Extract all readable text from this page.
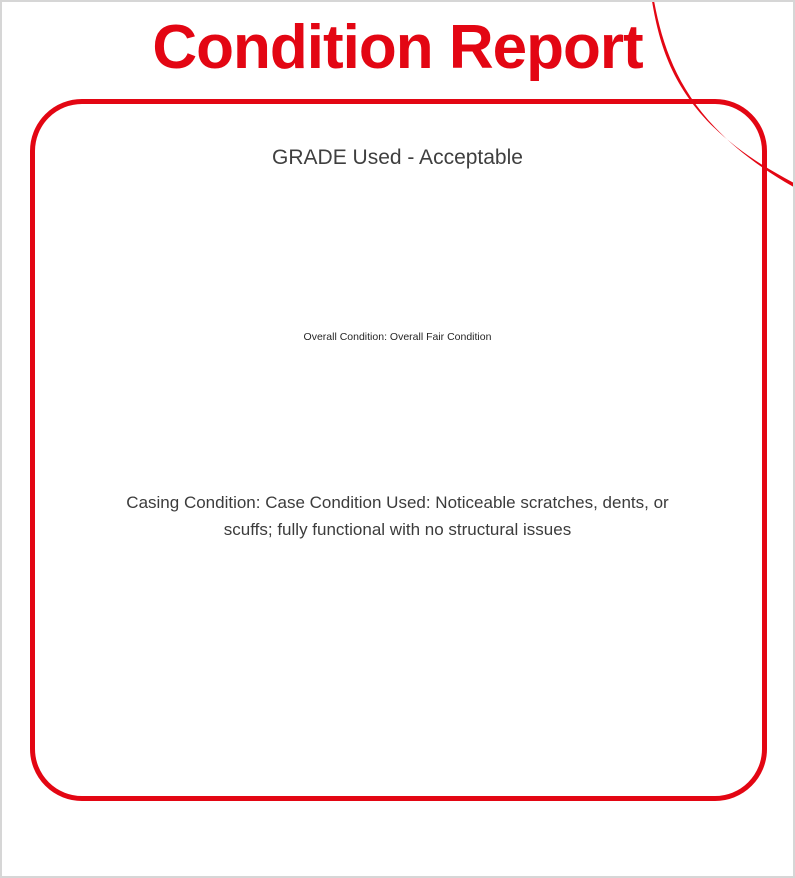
Condition Report
GRADE Used - Acceptable
Overall Condition: Overall Fair Condition
Casing Condition: Case Condition Used: Noticeable scratches, dents, or
scuffs; fully functional with no structural issues
